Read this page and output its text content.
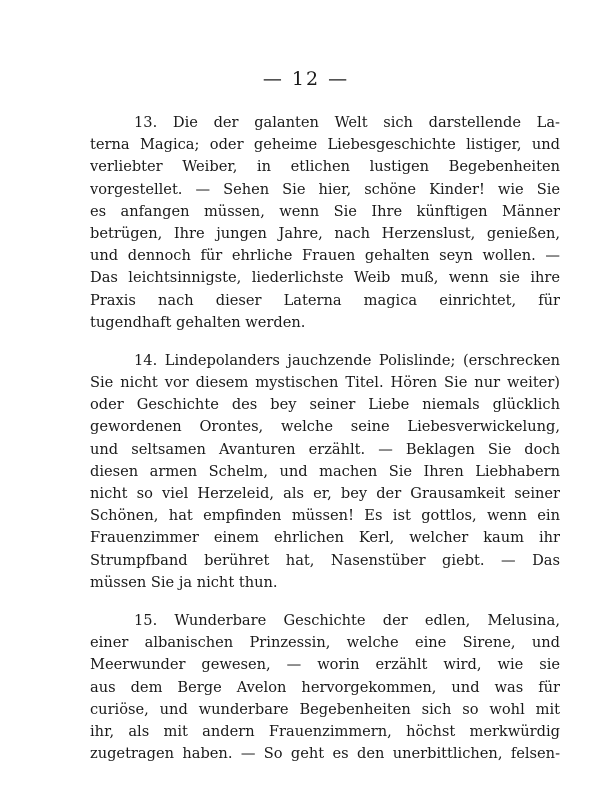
— 12 —
13. Die der galanten Welt sich darstellende La-
terna Magica; oder geheime Liebesgeschichte listiger, und
verliebter Weiber, in etlichen lustigen Begebenheiten
vorgestellet. — Sehen Sie hier, schöne Kinder! wie Sie
es anfangen müssen, wenn Sie Ihre künftigen Männer
betrügen, Ihre jungen Jahre, nach Herzenslust, genießen,
und dennoch für ehrliche Frauen gehalten seyn wollen. —
Das leichtsinnigste, liederlichste Weib muß, wenn sie ihre
Praxis nach dieser Laterna magica einrichtet, für
tugendhaft gehalten werden.
14. Lindepolanders jauchzende Polislinde; (erschrecken
Sie nicht vor diesem mystischen Titel. Hören Sie nur weiter)
oder Geschichte des bey seiner Liebe niemals glücklich
gewordenen Orontes, welche seine Liebesverwickelung,
und seltsamen Avanturen erzählt. — Beklagen Sie doch
diesen armen Schelm, und machen Sie Ihren Liebhabern
nicht so viel Herzeleid, als er, bey der Grausamkeit seiner
Schönen, hat empfinden müssen! Es ist gottlos, wenn ein
Frauenzimmer einem ehrlichen Kerl, welcher kaum ihr
Strumpfband berühret hat, Nasenstüber giebt. — Das
müssen Sie ja nicht thun.
15. Wunderbare Geschichte der edlen, Melusina,
einer albanischen Prinzessin, welche eine Sirene, und
Meerwunder gewesen, — worin erzählt wird, wie sie
aus dem Berge Avelon hervorgekommen, und was für
curiöse, und wunderbare Begebenheiten sich so wohl mit
ihr, als mit andern Frauenzimmern, höchst merkwürdig
zugetragen haben. — So geht es den unerbittlichen, felsen-
